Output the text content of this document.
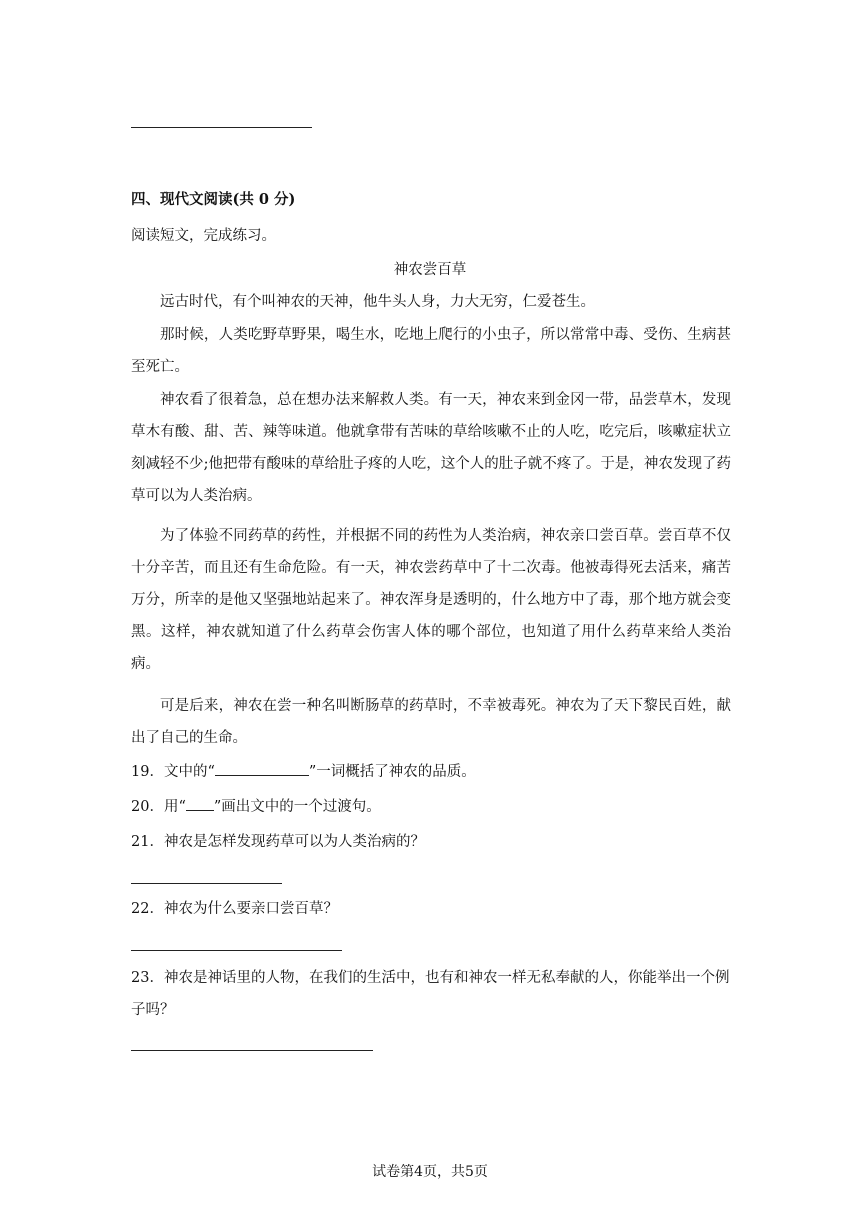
四、现代文阅读(共 0 分)
阅读短文，完成练习。
神农尝百草
远古时代，有个叫神农的天神，他牛头人身，力大无穷，仁爱苍生。
那时候，人类吃野草野果，喝生水，吃地上爬行的小虫子，所以常常中毒、受伤、生病甚至死亡。
神农看了很着急，总在想办法来解救人类。有一天，神农来到金冈一带，品尝草木，发现草木有酸、甜、苦、辣等味道。他就拿带有苦味的草给咳嗽不止的人吃，吃完后，咳嗽症状立刻减轻不少;他把带有酸味的草给肚子疼的人吃，这个人的肚子就不疼了。于是，神农发现了药草可以为人类治病。
为了体验不同药草的药性，并根据不同的药性为人类治病，神农亲口尝百草。尝百草不仅十分辛苦，而且还有生命危险。有一天，神农尝药草中了十二次毒。他被毒得死去活来，痛苦万分，所幸的是他又坚强地站起来了。神农浑身是透明的，什么地方中了毒，那个地方就会变黑。这样，神农就知道了什么药草会伤害人体的哪个部位，也知道了用什么药草来给人类治病。
可是后来，神农在尝一种名叫断肠草的药草时，不幸被毒死。神农为了天下黎民百姓，献出了自己的生命。
19．文中的“	”一词概括了神农的品质。
20．用“ ”画出文中的一个过渡句。
21．神农是怎样发现药草可以为人类治病的？
22．神农为什么要亲口尝百草？
23．神农是神话里的人物，在我们的生活中，也有和神农一样无私奉献的人，你能举出一个例子吗？
试卷第4页，共5页
